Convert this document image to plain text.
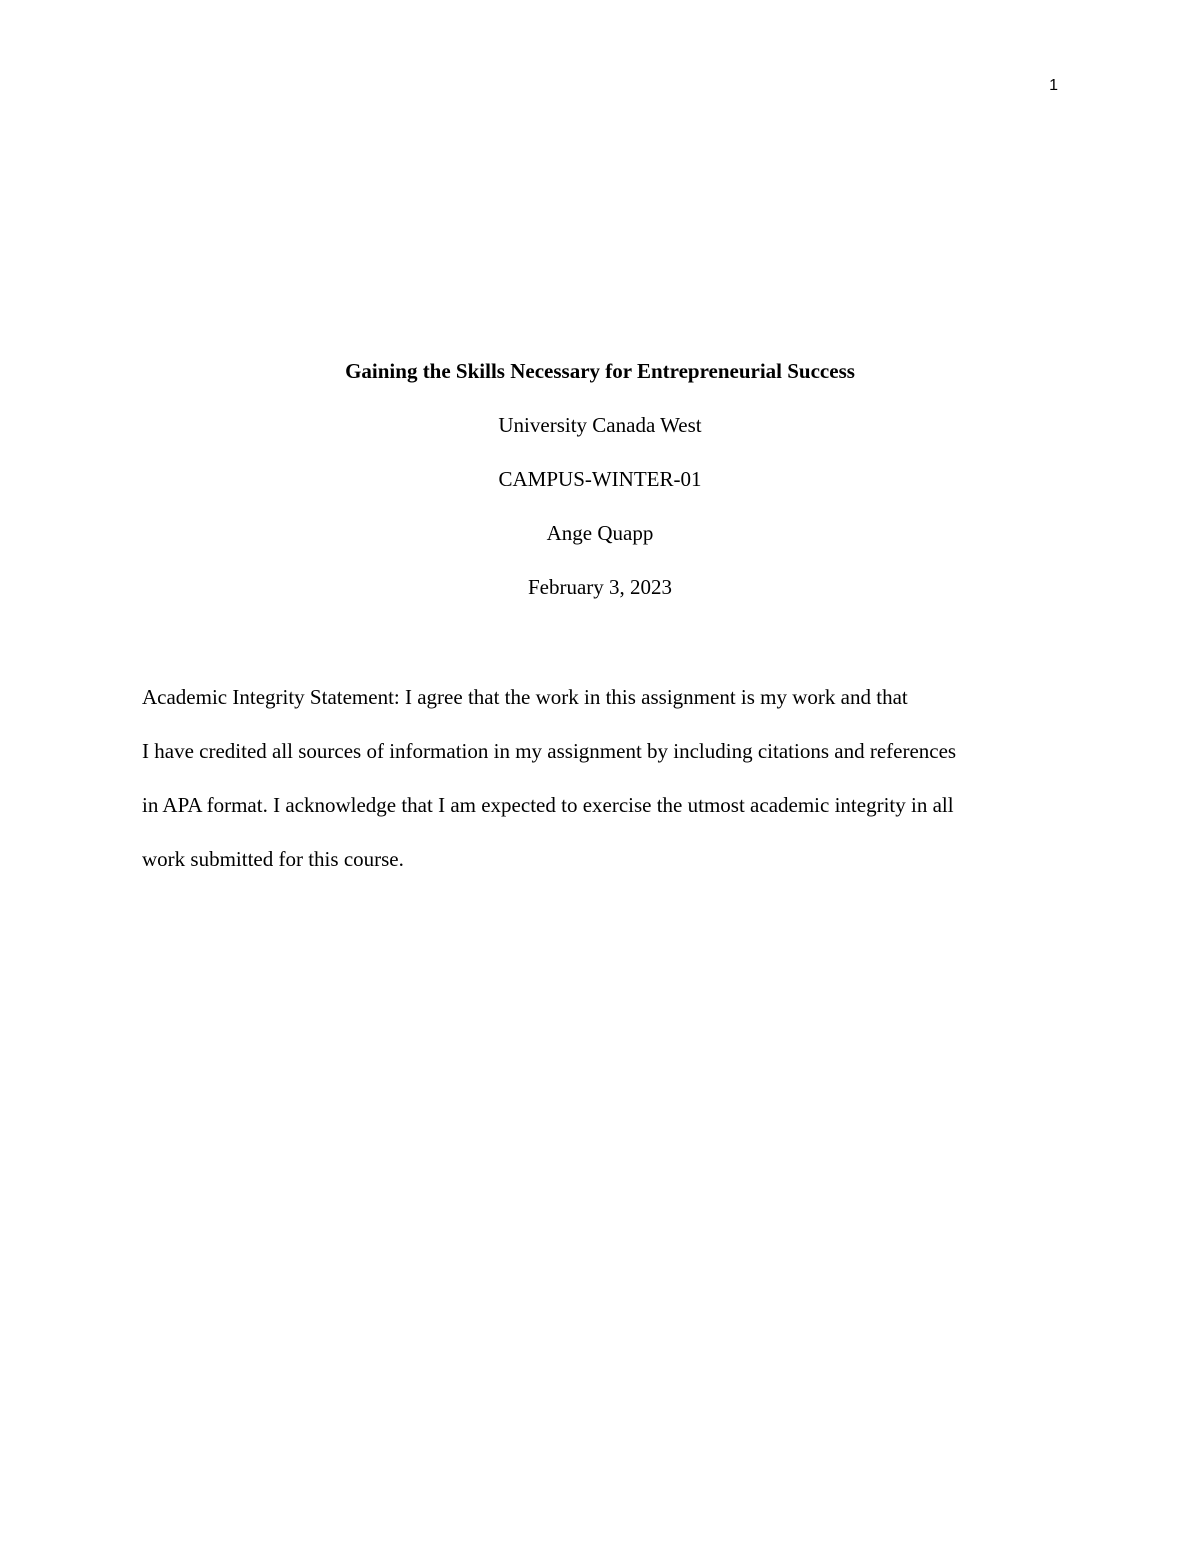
1
Gaining the Skills Necessary for Entrepreneurial Success
University Canada West
CAMPUS-WINTER-01
Ange Quapp
February 3, 2023
Academic Integrity Statement: I agree that the work in this assignment is my work and that
I have credited all sources of information in my assignment by including citations and references
in APA format. I acknowledge that I am expected to exercise the utmost academic integrity in all
work submitted for this course.
